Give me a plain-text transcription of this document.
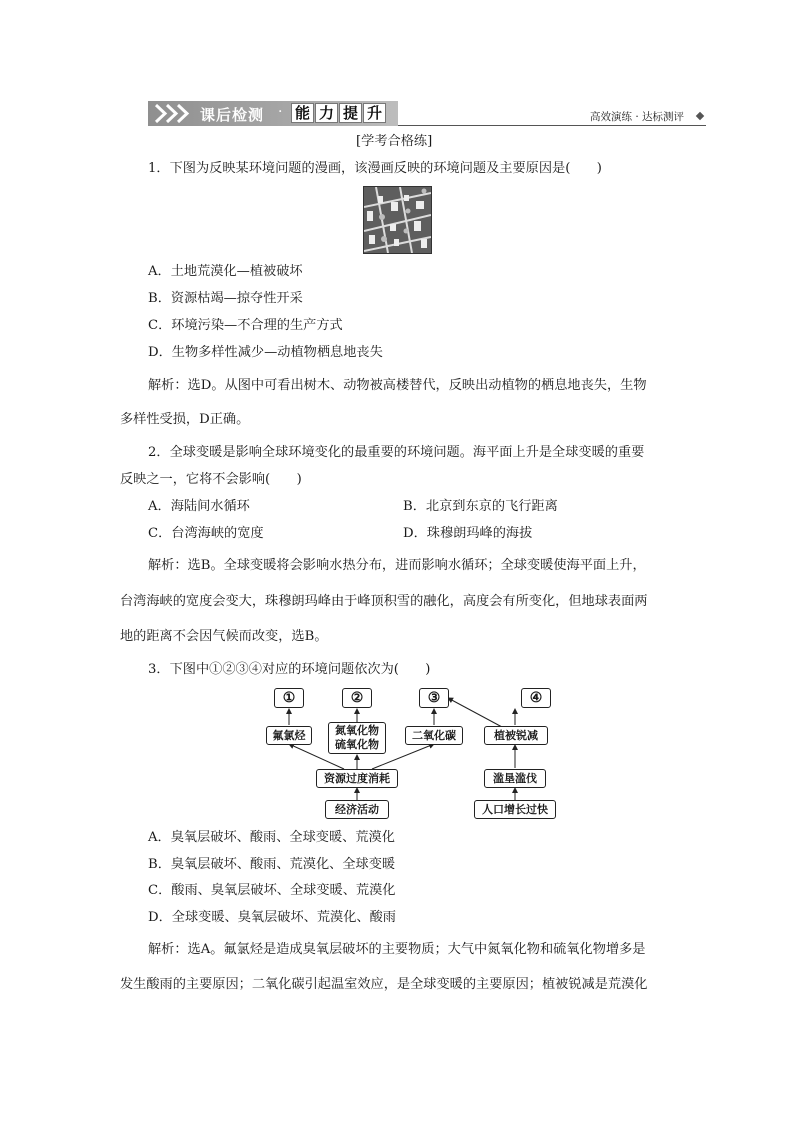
课后检测 · 能 力 提 升	高效演练 · 达标测评
[学考合格练]
1．下图为反映某环境问题的漫画，该漫画反映的环境问题及主要原因是(　　)
A．土地荒漠化—植被破坏
B．资源枯竭—掠夺性开采
C．环境污染—不合理的生产方式
D．生物多样性减少—动植物栖息地丧失
解析：选D。从图中可看出树木、动物被高楼替代，反映出动植物的栖息地丧失，生物
多样性受损，D正确。
2．全球变暖是影响全球环境变化的最重要的环境问题。海平面上升是全球变暖的重要
反映之一，它将不会影响(　　)
A．海陆间水循环	B．北京到东京的飞行距离
C．台湾海峡的宽度	D．珠穆朗玛峰的海拔
解析：选B。全球变暖将会影响水热分布，进而影响水循环；全球变暖使海平面上升，
台湾海峡的宽度会变大，珠穆朗玛峰由于峰顶积雪的融化，高度会有所变化，但地球表面两
地的距离不会因气候而改变，选B。
3．下图中①②③④对应的环境问题依次为(　　)
①	②	③	④
氟氯烃	氮氧化物
硫氧化物
二氧化碳	植被锐减
资源过度消耗	滥垦滥伐
经济活动	人口增长过快
A．臭氧层破坏、酸雨、全球变暖、荒漠化
B．臭氧层破坏、酸雨、荒漠化、全球变暖
C．酸雨、臭氧层破坏、全球变暖、荒漠化
D．全球变暖、臭氧层破坏、荒漠化、酸雨
解析：选A。氟氯烃是造成臭氧层破坏的主要物质；大气中氮氧化物和硫氧化物增多是
发生酸雨的主要原因；二氧化碳引起温室效应，是全球变暖的主要原因；植被锐减是荒漠化
